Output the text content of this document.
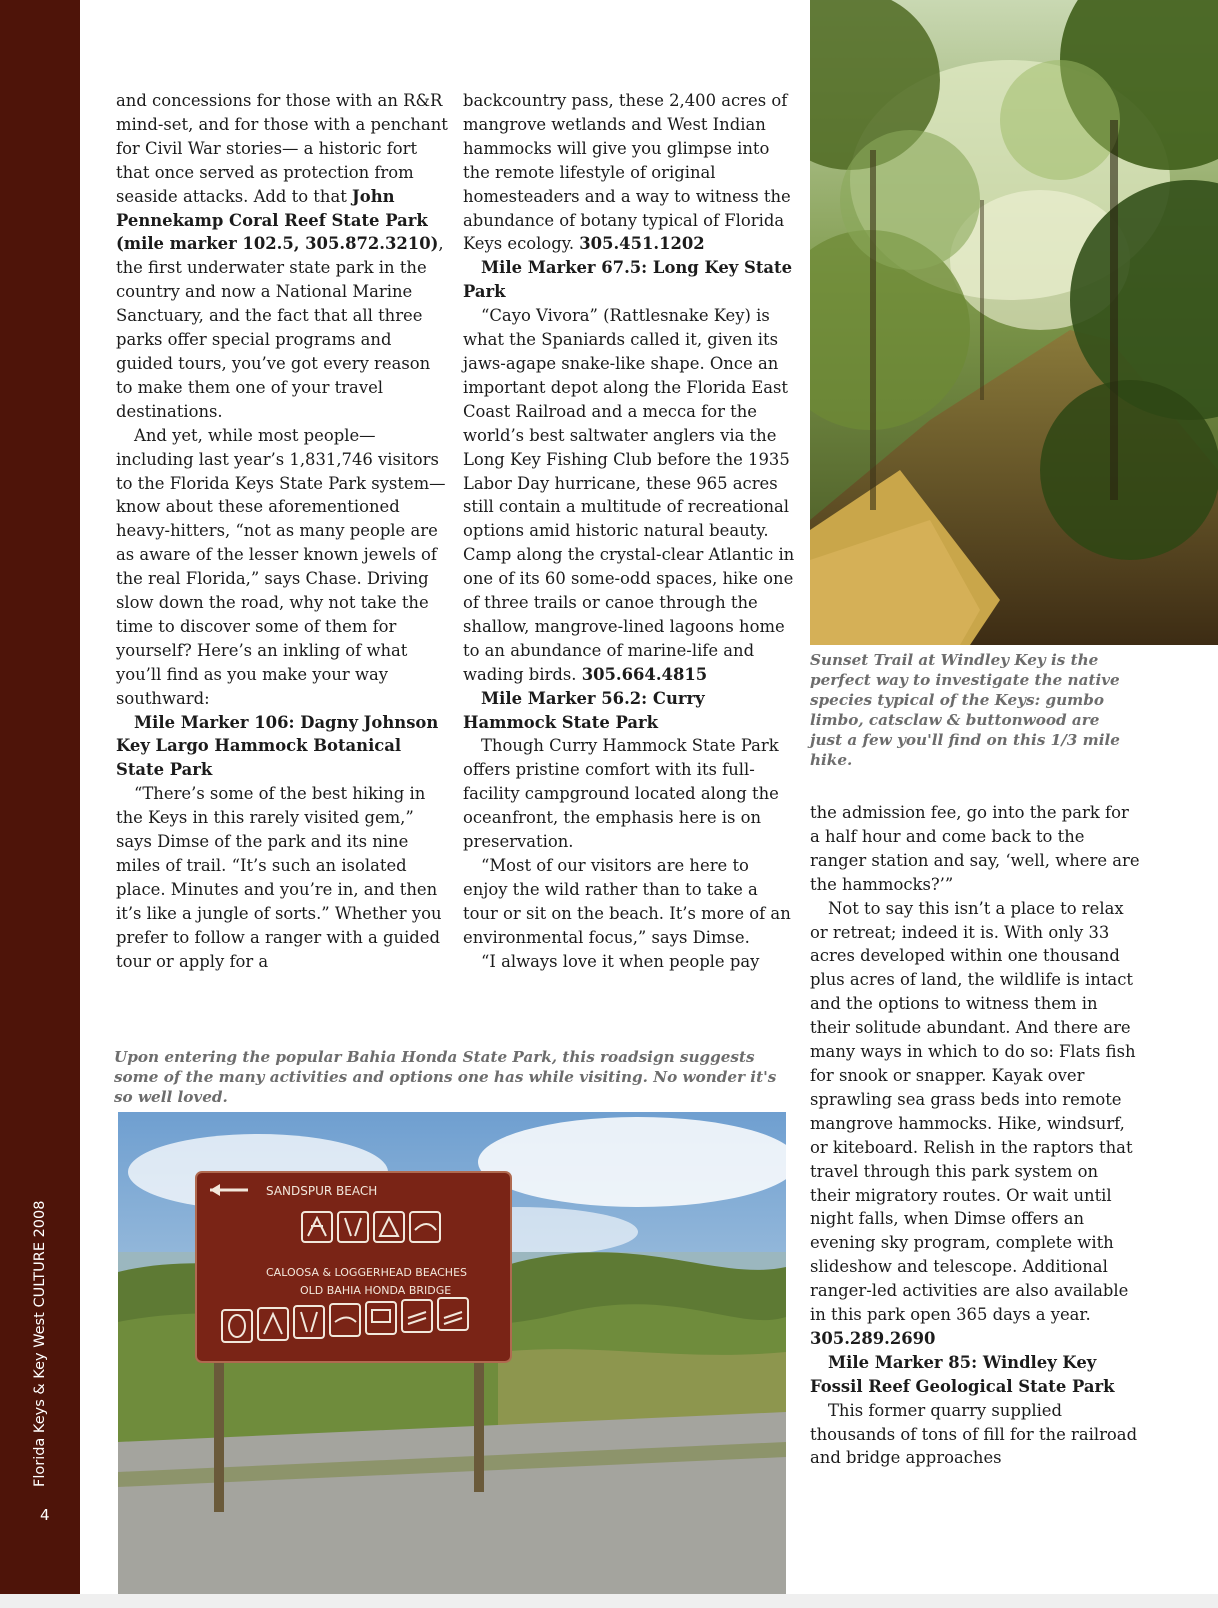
Florida Keys & Key West CULTURE 2008
4

Sunset Trail at Windley Key is the perfect way to investigate the native species typical of the Keys: gumbo limbo, catsclaw & buttonwood are just a few you'll find on this 1/3 mile hike.

and concessions for those with an R&R mind-set, and for those with a penchant for Civil War stories— a historic fort that once served as protection from seaside attacks. Add to that John Pennekamp Coral Reef State Park (mile marker 102.5, 305.872.3210), the first underwater state park in the country and now a National Marine Sanctuary, and the fact that all three parks offer special programs and guided tours, you’ve got every reason to make them one of your travel destinations.

And yet, while most people— including last year’s 1,831,746 visitors to the Florida Keys State Park system— know about these aforementioned heavy-hitters, “not as many people are as aware of the lesser known jewels of the real Florida,” says Chase. Driving slow down the road, why not take the time to discover some of them for yourself? Here’s an inkling of what you’ll find as you make your way southward:

Mile Marker 106: Dagny Johnson Key Largo Hammock Botanical State Park

“There’s some of the best hiking in the Keys in this rarely visited gem,” says Dimse of the park and its nine miles of trail. “It’s such an isolated place. Minutes and you’re in, and then it’s like a jungle of sorts.” Whether you prefer to follow a ranger with a guided tour or apply for a

backcountry pass, these 2,400 acres of mangrove wetlands and West Indian hammocks will give you glimpse into the remote lifestyle of original homesteaders and a way to witness the abundance of botany typical of Florida Keys ecology. 305.451.1202

Mile Marker 67.5: Long Key State Park

“Cayo Vivora” (Rattlesnake Key) is what the Spaniards called it, given its jaws-agape snake-like shape. Once an important depot along the Florida East Coast Railroad and a mecca for the world’s best saltwater anglers via the Long Key Fishing Club before the 1935 Labor Day hurricane, these 965 acres still contain a multitude of recreational options amid historic natural beauty. Camp along the crystal-clear Atlantic in one of its 60 some-odd spaces, hike one of three trails or canoe through the shallow, mangrove-lined lagoons home to an abundance of marine-life and wading birds. 305.664.4815

Mile Marker 56.2: Curry Hammock State Park

Though Curry Hammock State Park offers pristine comfort with its full-facility campground located along the oceanfront, the emphasis here is on preservation.

“Most of our visitors are here to enjoy the wild rather than to take a tour or sit on the beach. It’s more of an environmental focus,” says Dimse.

“I always love it when people pay

the admission fee, go into the park for a half hour and come back to the ranger station and say, ‘well, where are the hammocks?’”

Not to say this isn’t a place to relax or retreat; indeed it is. With only 33 acres developed within one thousand plus acres of land, the wildlife is intact and the options to witness them in their solitude abundant. And there are many ways in which to do so: Flats fish for snook or snapper. Kayak over sprawling sea grass beds into remote mangrove hammocks. Hike, windsurf, or kiteboard. Relish in the raptors that travel through this park system on their migratory routes. Or wait until night falls, when Dimse offers an evening sky program, complete with slideshow and telescope. Additional ranger-led activities are also available in this park open 365 days a year.

305.289.2690

Mile Marker 85: Windley Key Fossil Reef Geological State Park

This former quarry supplied thousands of tons of fill for the railroad and bridge approaches

Upon entering the popular Bahia Honda State Park, this roadsign suggests some of the many activities and options one has while visiting. No wonder it's so well loved.

SANDSPUR BEACH
CALOOSA & LOGGERHEAD BEACHES
OLD BAHIA HONDA BRIDGE
